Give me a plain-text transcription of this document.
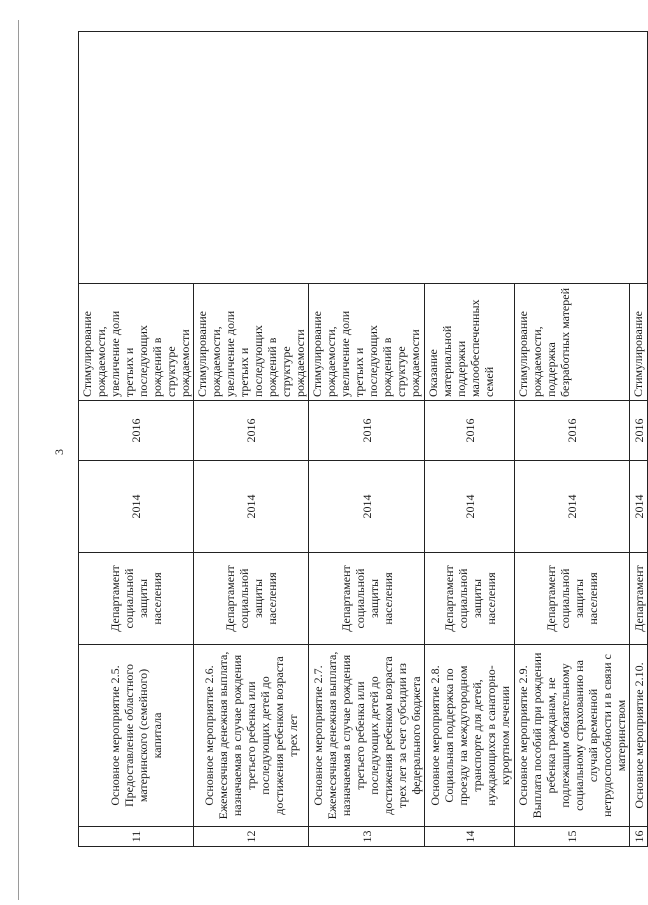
3
11	Основное мероприятие 2.5. Предоставление областного материнского (семейного) капитала	Департамент социальной защиты населения	2014	2016	Стимулирование рождаемости, увеличение доли третьих и последующих рождений в структуре рождаемости	
12	Основное мероприятие 2.6. Ежемесячная денежная выплата, назначаемая в случае рождения третьего ребенка или последующих детей до достижения ребенком возраста трех лет	Департамент социальной защиты населения	2014	2016	Стимулирование рождаемости, увеличение доли третьих и последующих рождений в структуре рождаемости	
13	Основное мероприятие 2.7. Ежемесячная денежная выплата, назначаемая в случае рождения третьего ребенка или последующих детей до достижения ребенком возраста трех лет за счет субсидии из федерального бюджета	Департамент социальной защиты населения	2014	2016	Стимулирование рождаемости, увеличение доли третьих и последующих рождений в структуре рождаемости	
14	Основное мероприятие 2.8. Социальная поддержка по проезду на междугородном транспорте для детей, нуждающихся в санаторно-курортном лечении	Департамент социальной защиты населения	2014	2016	Оказание материальной поддержки малообеспеченных семей	
15	Основное мероприятие 2.9. Выплата пособий при рождении ребенка гражданам, не подлежащим обязательному социальному страхованию на случай временной нетрудоспособности и в связи с материнством	Департамент социальной защиты населения	2014	2016	Стимулирование рождаемости, поддержка безработных матерей	
16	Основное мероприятие 2.10.	Департамент	2014	2016	Стимулирование	
